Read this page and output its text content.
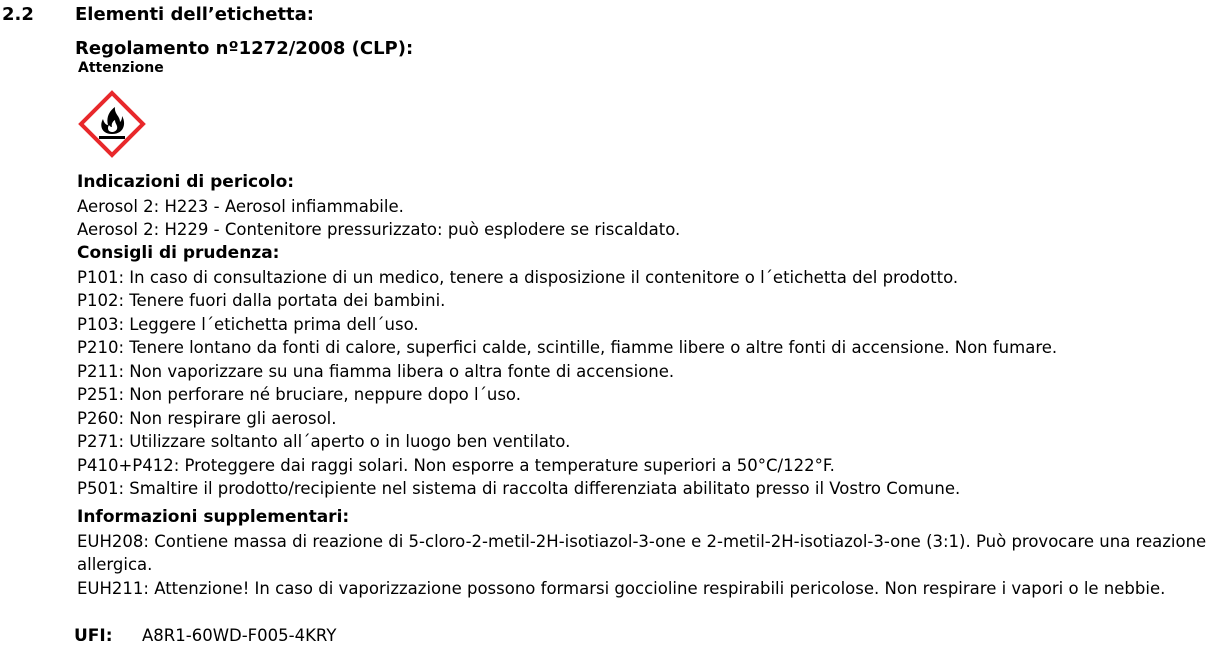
2.2 Elementi dell’etichetta:
Regolamento nº1272/2008 (CLP):
Attenzione
Indicazioni di pericolo:
Aerosol 2: H223 - Aerosol infiammabile.
Aerosol 2: H229 - Contenitore pressurizzato: può esplodere se riscaldato.
Consigli di prudenza:
P101: In caso di consultazione di un medico, tenere a disposizione il contenitore o l´etichetta del prodotto.
P102: Tenere fuori dalla portata dei bambini.
P103: Leggere l´etichetta prima dell´uso.
P210: Tenere lontano da fonti di calore, superfici calde, scintille, fiamme libere o altre fonti di accensione. Non fumare.
P211: Non vaporizzare su una fiamma libera o altra fonte di accensione.
P251: Non perforare né bruciare, neppure dopo l´uso.
P260: Non respirare gli aerosol.
P271: Utilizzare soltanto all´aperto o in luogo ben ventilato.
P410+P412: Proteggere dai raggi solari. Non esporre a temperature superiori a 50°C/122°F.
P501: Smaltire il prodotto/recipiente nel sistema di raccolta differenziata abilitato presso il Vostro Comune.
Informazioni supplementari:
EUH208: Contiene massa di reazione di 5-cloro-2-metil-2H-isotiazol-3-one e 2-metil-2H-isotiazol-3-one (3:1). Può provocare una reazione allergica.
EUH211: Attenzione! In caso di vaporizzazione possono formarsi goccioline respirabili pericolose. Non respirare i vapori o le nebbie.
UFI: A8R1-60WD-F005-4KRY
